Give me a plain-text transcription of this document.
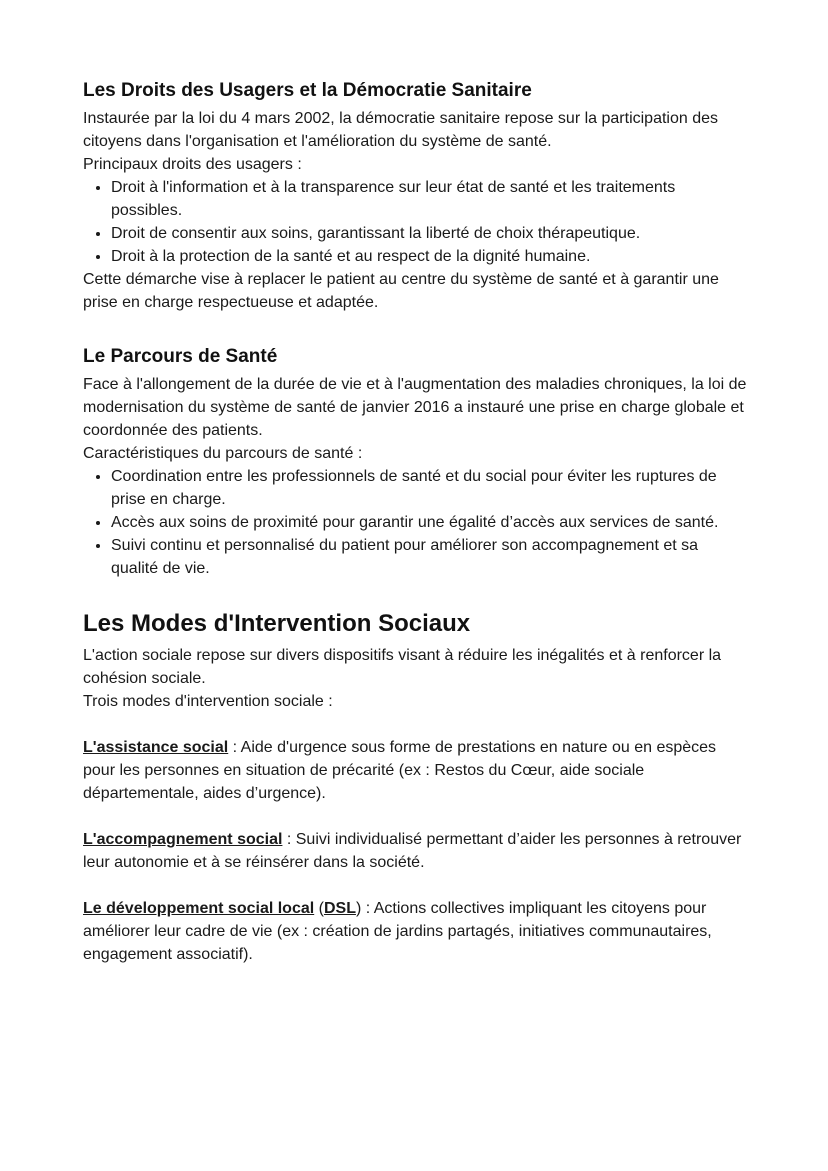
Les Droits des Usagers et la Démocratie Sanitaire

Instaurée par la loi du 4 mars 2002, la démocratie sanitaire repose sur la participation des citoyens dans l'organisation et l'amélioration du système de santé.

Principaux droits des usagers :

• Droit à l'information et à la transparence sur leur état de santé et les traitements possibles.
• Droit de consentir aux soins, garantissant la liberté de choix thérapeutique.
• Droit à la protection de la santé et au respect de la dignité humaine.

Cette démarche vise à replacer le patient au centre du système de santé et à garantir une prise en charge respectueuse et adaptée.

Le Parcours de Santé

Face à l'allongement de la durée de vie et à l'augmentation des maladies chroniques, la loi de modernisation du système de santé de janvier 2016 a instauré une prise en charge globale et coordonnée des patients.

Caractéristiques du parcours de santé :

• Coordination entre les professionnels de santé et du social pour éviter les ruptures de prise en charge.
• Accès aux soins de proximité pour garantir une égalité d’accès aux services de santé.
• Suivi continu et personnalisé du patient pour améliorer son accompagnement et sa qualité de vie.
Les Modes d'Intervention Sociaux

L'action sociale repose sur divers dispositifs visant à réduire les inégalités et à renforcer la cohésion sociale.

Trois modes d'intervention sociale :

L'assistance social : Aide d'urgence sous forme de prestations en nature ou en espèces pour les personnes en situation de précarité (ex : Restos du Cœur, aide sociale départementale, aides d’urgence).

L'accompagnement social : Suivi individualisé permettant d’aider les personnes à retrouver leur autonomie et à se réinsérer dans la société.

Le développement social local (DSL) : Actions collectives impliquant les citoyens pour améliorer leur cadre de vie (ex : création de jardins partagés, initiatives communautaires, engagement associatif).
